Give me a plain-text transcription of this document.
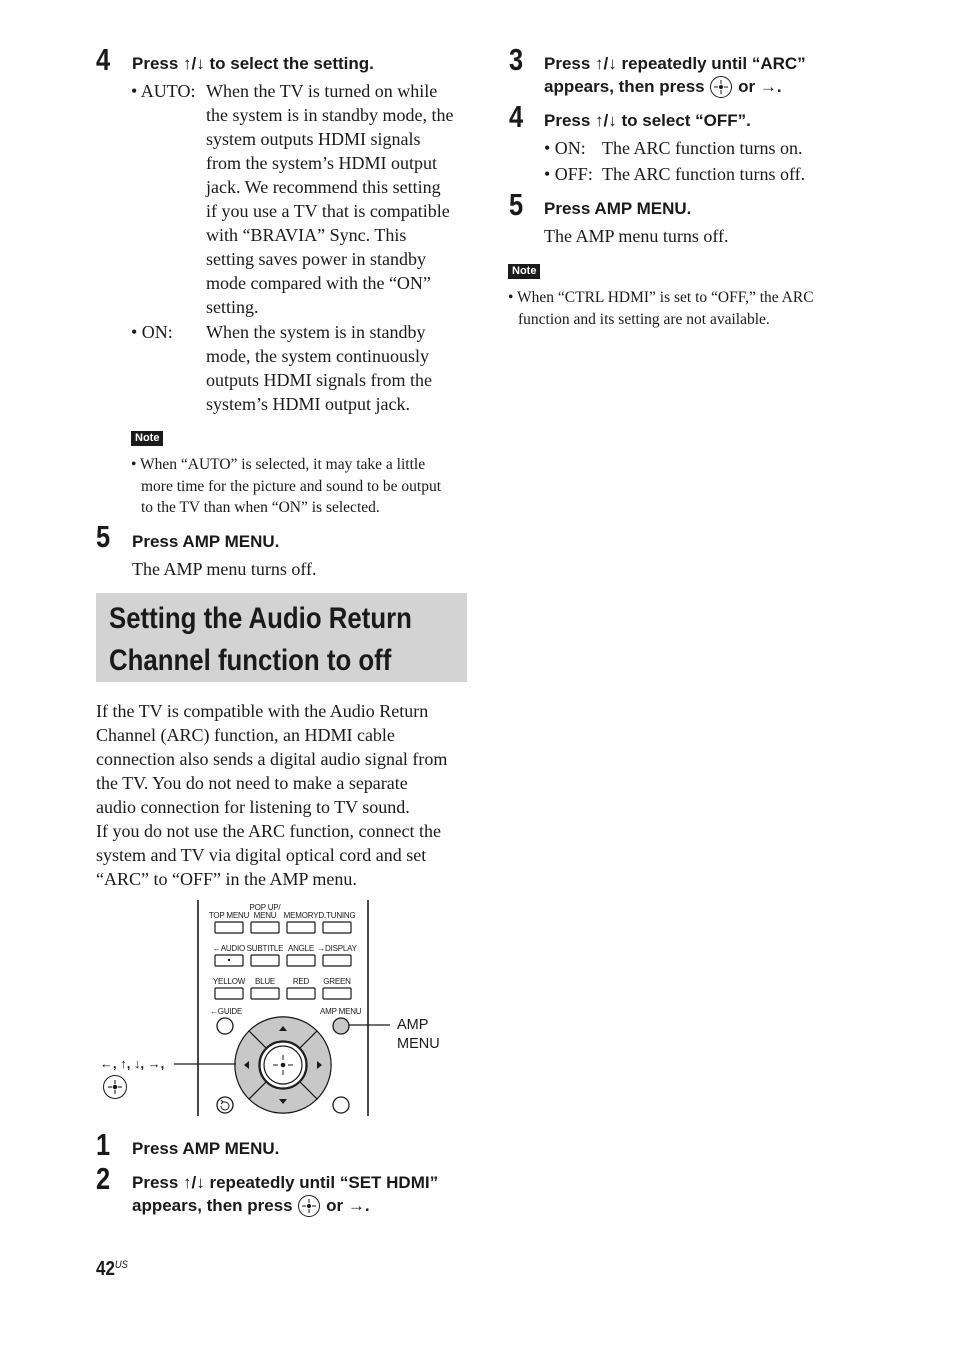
4 Press ↑/↓ to select the setting.
• AUTO: When the TV is turned on while
the system is in standby mode, the
system outputs HDMI signals
from the system’s HDMI output
jack. We recommend this setting
if you use a TV that is compatible
with “BRAVIA” Sync. This
setting saves power in standby
mode compared with the “ON”
setting.
• ON:	When the system is in standby
mode, the system continuously
outputs HDMI signals from the
system’s HDMI output jack.
Note
• When “AUTO” is selected, it may take a little
more time for the picture and sound to be output
to the TV than when “ON” is selected.
5 Press AMP MENU.
The AMP menu turns off.
Setting the Audio Return
Channel function to off
If the TV is compatible with the Audio Return
Channel (ARC) function, an HDMI cable
connection also sends a digital audio signal from
the TV. You do not need to make a separate
audio connection for listening to TV sound.
If you do not use the ARC function, connect the
system and TV via digital optical cord and set
“ARC” to “OFF” in the AMP menu.
TOP MENU
POP UP/
MENU MEMORY D.TUNING
←AUDIO SUBTITLE ANGLE →DISPLAY
YELLOW BLUE RED GREEN
←GUIDE	AMP MENU
AMP
MENU
←, ↑, ↓, →,
1 Press AMP MENU.
2 Press ↑/↓ repeatedly until “SET HDMI”
appears, then press or →.
$42^{US}$
3 Press ↑/↓ repeatedly until “ARC”
appears, then press or →.
4 Press ↑/↓ to select “OFF”.
• ON: The ARC function turns on.
• OFF: The ARC function turns off.
5 Press AMP MENU.
The AMP menu turns off.
Note
• When “CTRL HDMI” is set to “OFF,” the ARC
function and its setting are not available.
